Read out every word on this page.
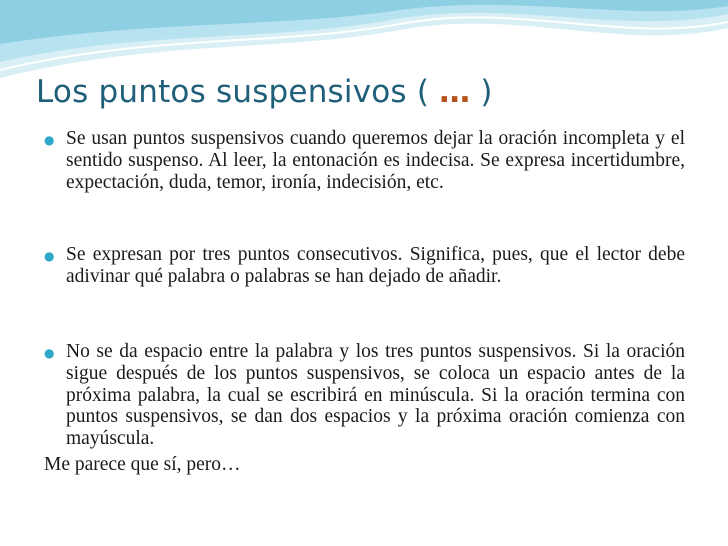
Los puntos suspensivos ( … )
● Se usan puntos suspensivos cuando queremos dejar la oración incompleta y el sentido suspenso. Al leer, la entonación es indecisa. Se expresa incertidumbre, expectación, duda, temor, ironía, indecisión, etc.
● Se expresan por tres puntos consecutivos. Significa, pues, que el lector debe adivinar qué palabra o palabras se han dejado de añadir.
● No se da espacio entre la palabra y los tres puntos suspensivos. Si la oración sigue después de los puntos suspensivos, se coloca un espacio antes de la próxima palabra, la cual se escribirá en minúscula. Si la oración termina con puntos suspensivos, se dan dos espacios y la próxima oración comienza con mayúscula.
Me parece que sí, pero…
